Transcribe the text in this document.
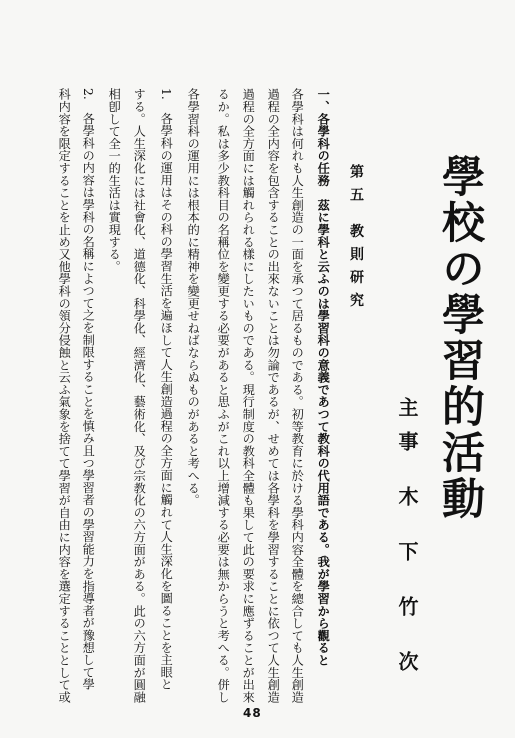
學校の學習的活動
主事 木 下 竹 次
第五 教則研究
一、各學科の任務　茲に學科と云ふのは學習科の意義であつて教科の代用語である。我が學習から觀ると
各學科は何れも人生創造の一面を承つて居るものである。初等教育に於ける學科内容全體を總合しても人生創造
過程の全内容を包含することの出來ないことは勿論であるが、せめては各學科を學習することに依つて人生創造
過程の全方面には觸れられる樣にしたいものである。現行制度の教科全體も果して此の要求に應ずることが出來
るか。私は多少教科目の名稱位を變更する必要があると思ふがこれ以上增減する必要は無からうと考へる。併し
各學習科の運用には根本的に精神を變更せねばならぬものがあると考へる。
1.　各學科の運用はその科の學習生活を遍ほして人生創造過程の全方面に觸れて人生深化を圖ることを主眼と
する。人生深化には社會化、道德化、科學化、經濟化、藝術化、及び宗教化の六方面がある。此の六方面が圓融
相卽して全一的生活は實現する。
2.　各學科の内容は學科の名稱によつて之を制限することを慎み且つ學習者の學習能力を指導者が豫想して學
科内容を限定することを止め又他學科の領分侵蝕と云ふ氣象を捨てて學習が自由に内容を選定することとして或
48
